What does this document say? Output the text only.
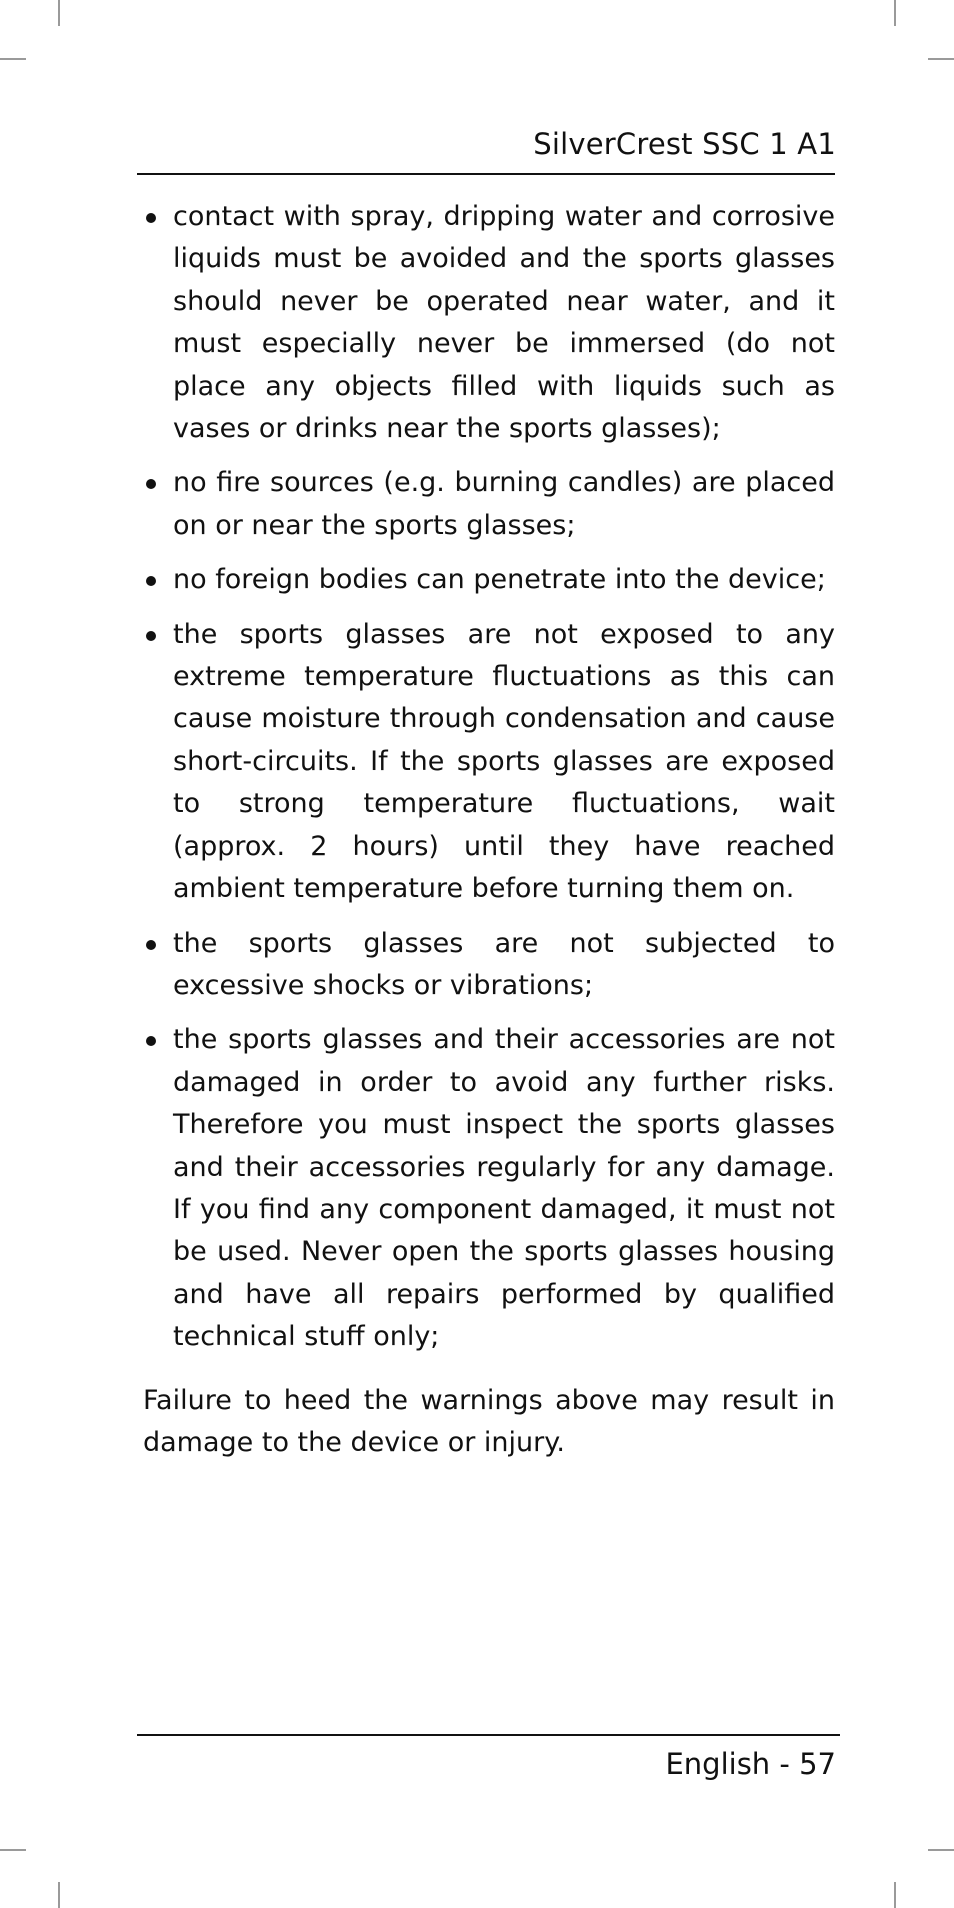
SilverCrest SSC 1 A1
contact with spray, dripping water and corrosive liquids must be avoided and the sports glasses should never be operated near water, and it must especially never be immersed (do not place any objects filled with liquids such as vases or drinks near the sports glasses);
no fire sources (e.g. burning candles) are placed on or near the sports glasses;
no foreign bodies can penetrate into the device;
the sports glasses are not exposed to any extreme temperature fluctuations as this can cause moisture through condensation and cause short-circuits. If the sports glasses are exposed to strong temperature fluctuations, wait (approx. 2 hours) until they have reached ambient temperature before turning them on.
the sports glasses are not subjected to excessive shocks or vibrations;
the sports glasses and their accessories are not damaged in order to avoid any further risks. Therefore you must inspect the sports glasses and their accessories regularly for any damage. If you find any component damaged, it must not be used. Never open the sports glasses housing and have all repairs performed by qualified technical stuff only;

Failure to heed the warnings above may result in damage to the device or injury.

English - 57
